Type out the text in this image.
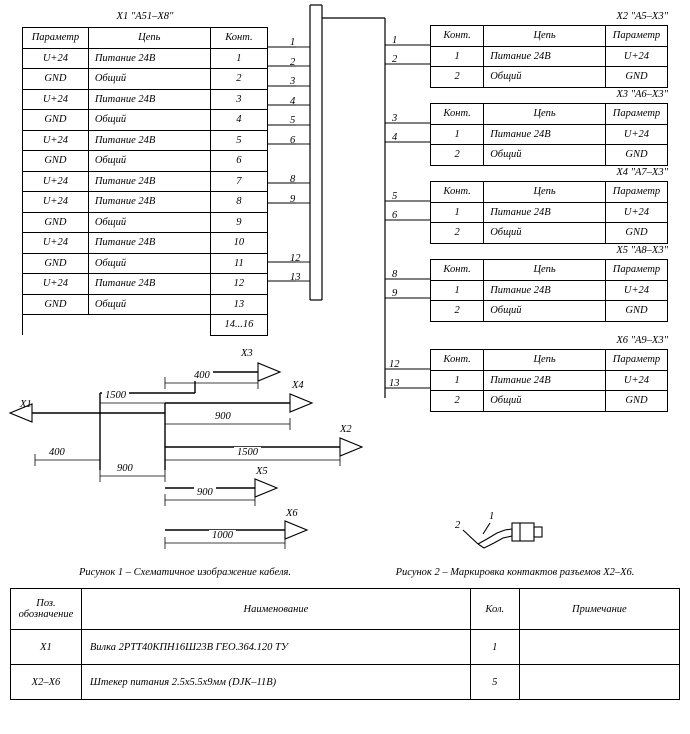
X1 "A51–X8"	X2 "A5–X3"
X3 "A6–X3"
X4 "A7–X3"
X5 "A8–X3"
X6 "A9–X3"
Параметр	Цепь	Конт.
U+24	Питание 24В	1
GND	Общий	2
U+24	Питание 24В	3
GND	Общий	4
U+24	Питание 24В	5
GND	Общий	6
U+24	Питание 24В	7
U+24	Питание 24В	8
GND	Общий	9
U+24	Питание 24В	10
GND	Общий	11
U+24	Питание 24В	12
GND	Общий	13
		14...16
Конт.	Цепь	Параметр
1	Питание 24В	U+24
2	Общий	GND
Конт.	Цепь	Параметр
1	Питание 24В	U+24
2	Общий	GND
Конт.	Цепь	Параметр
1	Питание 24В	U+24
2	Общий	GND
Конт.	Цепь	Параметр
1	Питание 24В	U+24
2	Общий	GND
Конт.	Цепь	Параметр
1	Питание 24В	U+24
2	Общий	GND
1
2
3
4
5
6
8
9
12
13
1
2
3
4
5
6
8
9
12
13
X1
X2
X3
X4
X5
X6
400
1500
400
900
1500
900
900
1000
2
1
Рисунок 1 – Схематичное изображение кабеля.	Рисунок 2 – Маркировка контактов разъемов X2–X6.
Поз.
обозначение	Наименование	Кол.	Примечание
X1	Вилка 2РТТ40КПН16Ш23В ГЕО.364.120 ТУ	1	
X2–X6	Штекер питания 2.5x5.5x9мм (DJK–11B)	5	
